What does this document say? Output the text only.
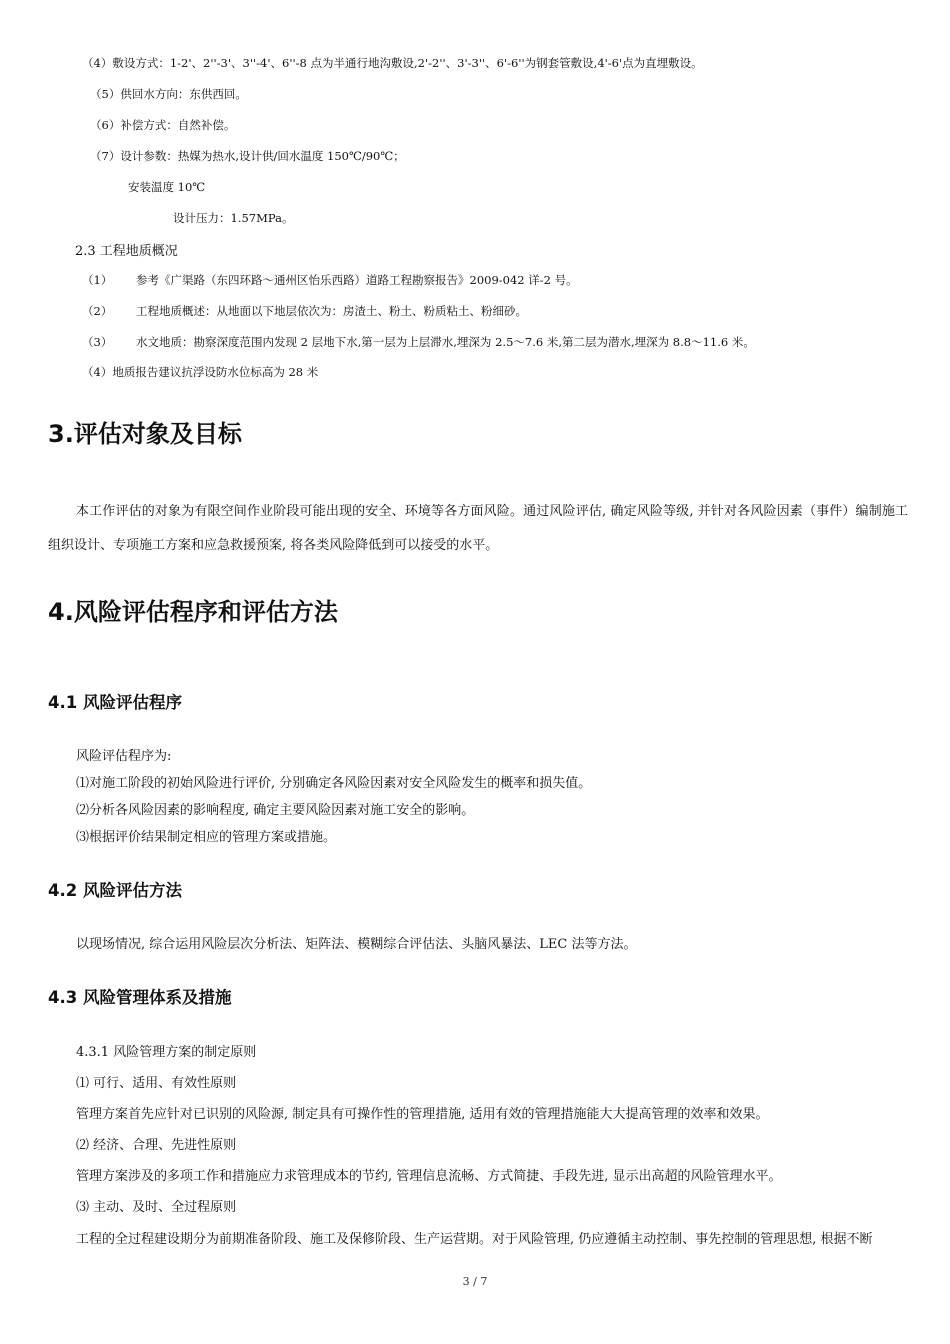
（4）敷设方式：1-2'、2''-3'、3''-4'、6''-8 点为半通行地沟敷设,2'-2''、3'-3''、6'-6''为钢套管敷设,4'-6'点为直埋敷设。
（5）供回水方向：东供西回。
（6）补偿方式：自然补偿。
（7）设计参数：热媒为热水,设计供/回水温度 150℃/90℃；
安装温度 10℃
设计压力：1.57MPa。
2.3 工程地质概况
（1） 参考《广渠路（东四环路～通州区怡乐西路）道路工程勘察报告》2009-042 详-2 号。
（2） 工程地质概述：从地面以下地层依次为：房渣土、粉土、粉质粘土、粉细砂。
（3） 水文地质：勘察深度范围内发现 2 层地下水,第一层为上层滞水,埋深为 2.5～7.6 米,第二层为潜水,埋深为 8.8～11.6 米。
（4）地质报告建议抗浮设防水位标高为 28 米
3.评估对象及目标
本工作评估的对象为有限空间作业阶段可能出现的安全、环境等各方面风险。通过风险评估, 确定风险等级, 并针对各风险因素（事件）编制施工组织设计、专项施工方案和应急救援预案, 将各类风险降低到可以接受的水平。
4.风险评估程序和评估方法
4.1 风险评估程序
风险评估程序为:
⑴对施工阶段的初始风险进行评价, 分别确定各风险因素对安全风险发生的概率和损失值。
⑵分析各风险因素的影响程度, 确定主要风险因素对施工安全的影响。
⑶根据评价结果制定相应的管理方案或措施。
4.2 风险评估方法
以现场情况, 综合运用风险层次分析法、矩阵法、模糊综合评估法、头脑风暴法、LEC 法等方法。
4.3 风险管理体系及措施
4.3.1 风险管理方案的制定原则
⑴ 可行、适用、有效性原则
管理方案首先应针对已识别的风险源, 制定具有可操作性的管理措施, 适用有效的管理措施能大大提高管理的效率和效果。
⑵ 经济、合理、先进性原则
管理方案涉及的多项工作和措施应力求管理成本的节约, 管理信息流畅、方式简捷、手段先进, 显示出高超的风险管理水平。
⑶ 主动、及时、全过程原则
工程的全过程建设期分为前期准备阶段、施工及保修阶段、生产运营期。对于风险管理, 仍应遵循主动控制、事先控制的管理思想, 根据不断
3 / 7
